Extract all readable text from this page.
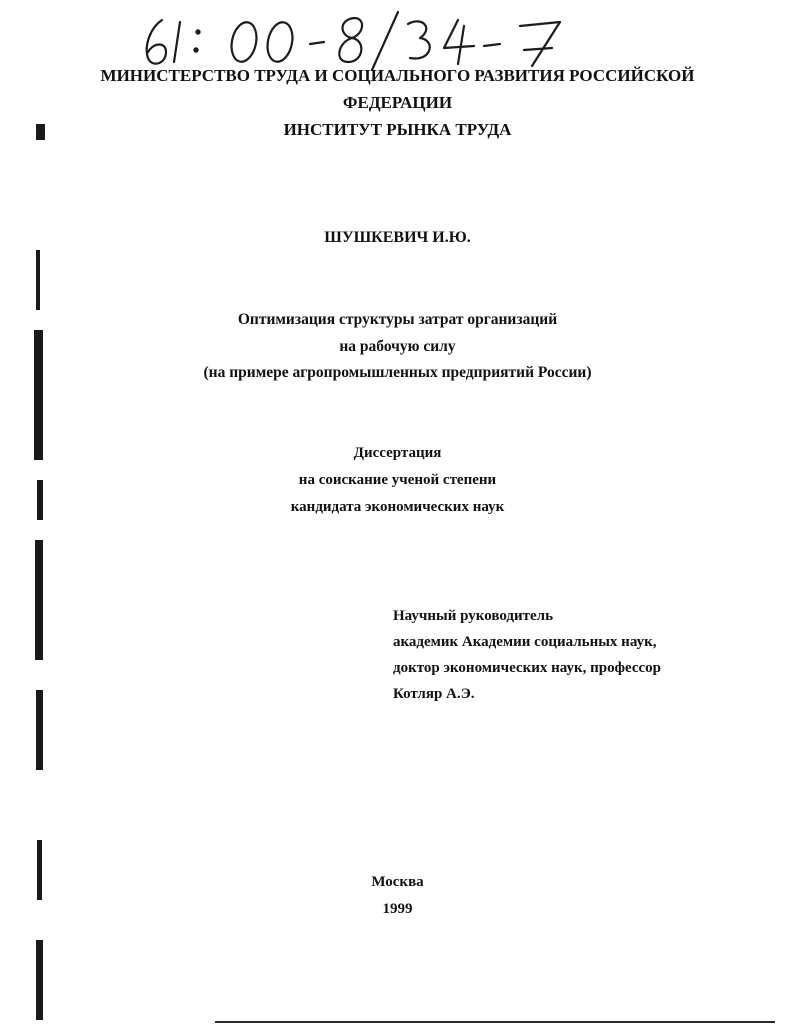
МИНИСТЕРСТВО ТРУДА И СОЦИАЛЬНОГО РАЗВИТИЯ РОССИЙСКОЙ
ФЕДЕРАЦИИ
ИНСТИТУТ РЫНКА ТРУДА
ШУШКЕВИЧ И.Ю.
Оптимизация структуры затрат организаций
на рабочую силу
(на примере агропромышленных предприятий России)
Диссертация
на соискание ученой степени
кандидата экономических наук
Научный руководитель
академик Академии социальных наук,
доктор экономических наук, профессор
Котляр А.Э.
Москва
1999
